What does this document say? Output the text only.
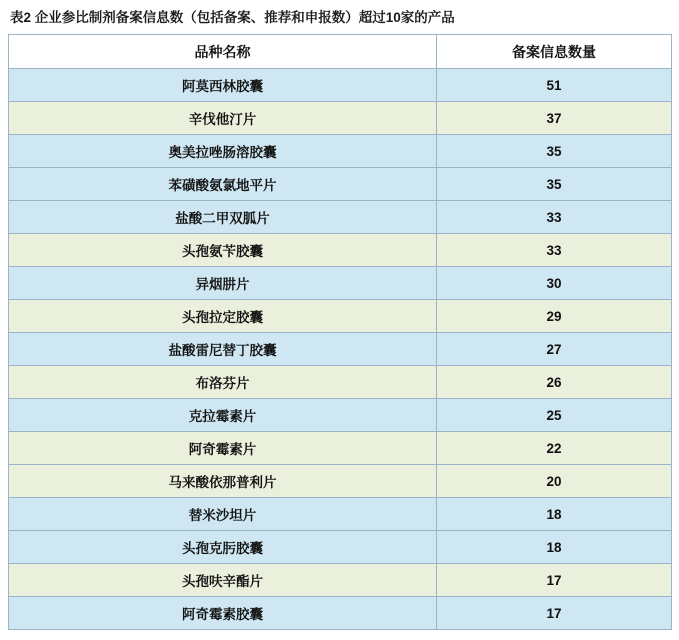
表2 企业参比制剂备案信息数（包括备案、推荐和申报数）超过10家的产品
品种名称	备案信息数量
阿莫西林胶囊	51
辛伐他汀片	37
奥美拉唑肠溶胶囊	35
苯磺酸氨氯地平片	35
盐酸二甲双胍片	33
头孢氨苄胶囊	33
异烟肼片	30
头孢拉定胶囊	29
盐酸雷尼替丁胶囊	27
布洛芬片	26
克拉霉素片	25
阿奇霉素片	22
马来酸依那普利片	20
替米沙坦片	18
头孢克肟胶囊	18
头孢呋辛酯片	17
阿奇霉素胶囊	17
